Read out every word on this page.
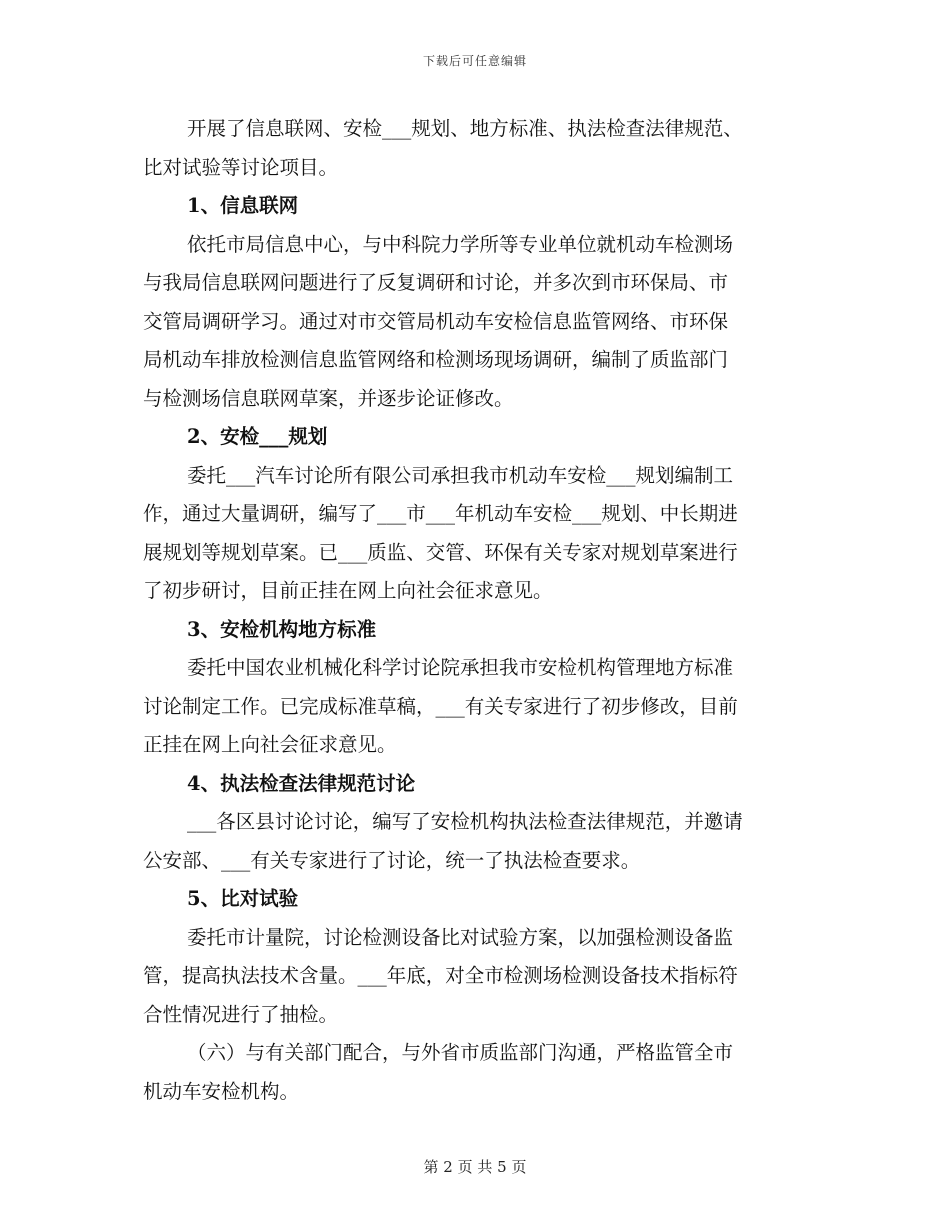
下载后可任意编辑
开展了信息联网、安检___规划、地方标准、执法检查法律规范、
比对试验等讨论项目。
1、信息联网
依托市局信息中心，与中科院力学所等专业单位就机动车检测场
与我局信息联网问题进行了反复调研和讨论，并多次到市环保局、市
交管局调研学习。通过对市交管局机动车安检信息监管网络、市环保
局机动车排放检测信息监管网络和检测场现场调研，编制了质监部门
与检测场信息联网草案，并逐步论证修改。
2、安检___规划
委托___汽车讨论所有限公司承担我市机动车安检___规划编制工
作，通过大量调研，编写了___市___年机动车安检___规划、中长期进
展规划等规划草案。已___质监、交管、环保有关专家对规划草案进行
了初步研讨，目前正挂在网上向社会征求意见。
3、安检机构地方标准
委托中国农业机械化科学讨论院承担我市安检机构管理地方标准
讨论制定工作。已完成标准草稿，___有关专家进行了初步修改，目前
正挂在网上向社会征求意见。
4、执法检查法律规范讨论
___各区县讨论讨论，编写了安检机构执法检查法律规范，并邀请
公安部、___有关专家进行了讨论，统一了执法检查要求。
5、比对试验
委托市计量院，讨论检测设备比对试验方案，以加强检测设备监
管，提高执法技术含量。___年底，对全市检测场检测设备技术指标符
合性情况进行了抽检。
（六）与有关部门配合，与外省市质监部门沟通，严格监管全市
机动车安检机构。
第 2 页 共 5 页
